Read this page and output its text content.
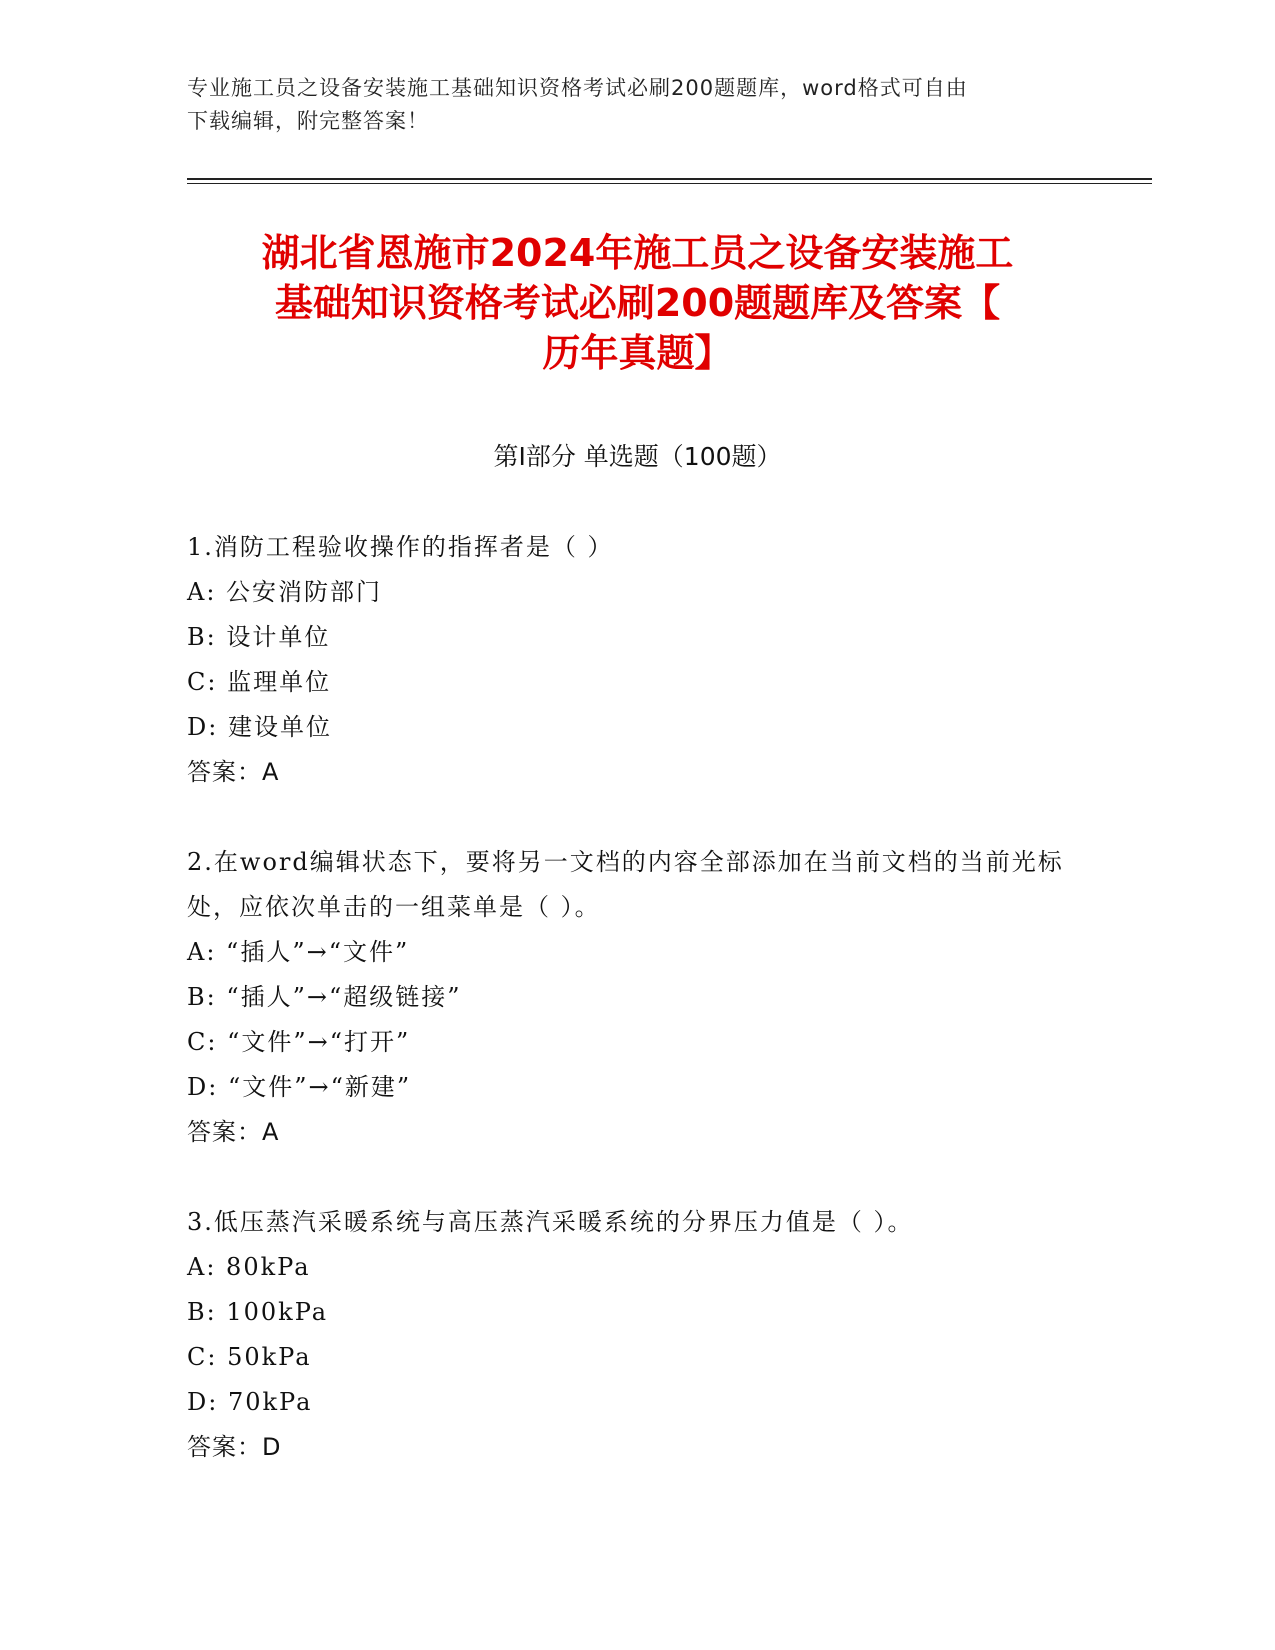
专业施工员之设备安装施工基础知识资格考试必刷200题题库，word格式可自由
下载编辑，附完整答案！
湖北省恩施市2024年施工员之设备安装施工
基础知识资格考试必刷200题题库及答案【
历年真题】
第Ⅰ部分 单选题（100题）
1.消防工程验收操作的指挥者是（ ）
A: 公安消防部门
B: 设计单位
C: 监理单位
D: 建设单位
答案：A
2.在word编辑状态下，要将另一文档的内容全部添加在当前文档的当前光标处，应依次单击的一组菜单是（ ）。
A: “插人”→“文件”
B: “插人”→“超级链接”
C: “文件”→“打开”
D: “文件”→“新建”
答案：A
3.低压蒸汽采暖系统与高压蒸汽采暖系统的分界压力值是（ ）。
A: 80kPa
B: 100kPa
C: 50kPa
D: 70kPa
答案：D
